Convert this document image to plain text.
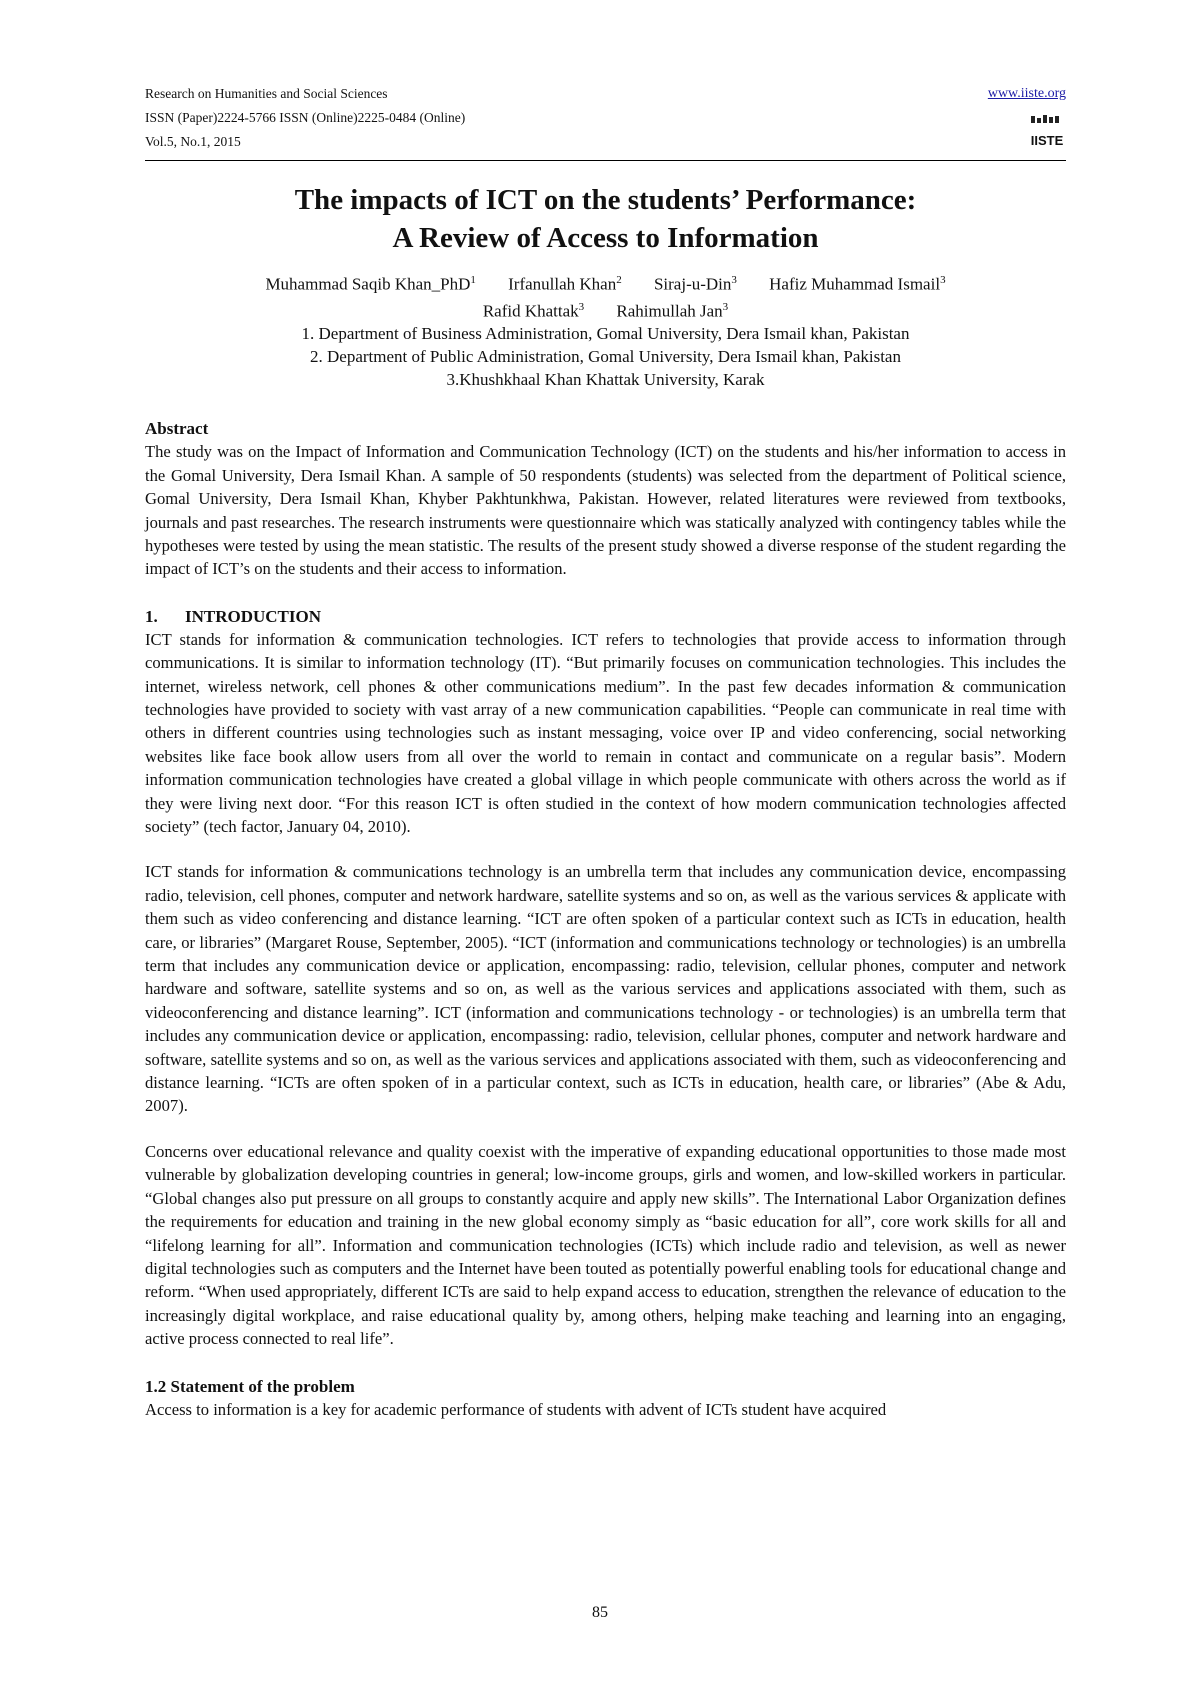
Research on Humanities and Social Sciences
ISSN (Paper)2224-5766 ISSN (Online)2225-0484 (Online)
Vol.5, No.1, 2015
www.iiste.org
IISTE
The impacts of ICT on the students’ Performance:
A Review of Access to Information
Muhammad Saqib Khan_PhD$^1$ Irfanullah Khan$^2$ Siraj-u-Din$^3$ Hafiz Muhammad Ismail$^3$
Rafid Khattak$^3$ Rahimullah Jan$^3$
1. Department of Business Administration, Gomal University, Dera Ismail khan, Pakistan
2. Department of Public Administration, Gomal University, Dera Ismail khan, Pakistan
3.Khushkhaal Khan Khattak University, Karak
Abstract

The study was on the Impact of Information and Communication Technology (ICT) on the students and his/her information to access in the Gomal University, Dera Ismail Khan. A sample of 50 respondents (students) was selected from the department of Political science, Gomal University, Dera Ismail Khan, Khyber Pakhtunkhwa, Pakistan. However, related literatures were reviewed from textbooks, journals and past researches. The research instruments were questionnaire which was statically analyzed with contingency tables while the hypotheses were tested by using the mean statistic. The results of the present study showed a diverse response of the student regarding the impact of ICT’s on the students and their access to information.

1. INTRODUCTION

ICT stands for information & communication technologies. ICT refers to technologies that provide access to information through communications. It is similar to information technology (IT). “But primarily focuses on communication technologies. This includes the internet, wireless network, cell phones & other communications medium”. In the past few decades information & communication technologies have provided to society with vast array of a new communication capabilities. “People can communicate in real time with others in different countries using technologies such as instant messaging, voice over IP and video conferencing, social networking websites like face book allow users from all over the world to remain in contact and communicate on a regular basis”. Modern information communication technologies have created a global village in which people communicate with others across the world as if they were living next door. “For this reason ICT is often studied in the context of how modern communication technologies affected society” (tech factor, January 04, 2010).

ICT stands for information & communications technology is an umbrella term that includes any communication device, encompassing radio, television, cell phones, computer and network hardware, satellite systems and so on, as well as the various services & applicate with them such as video conferencing and distance learning. “ICT are often spoken of a particular context such as ICTs in education, health care, or libraries” (Margaret Rouse, September, 2005). “ICT (information and communications technology or technologies) is an umbrella term that includes any communication device or application, encompassing: radio, television, cellular phones, computer and network hardware and software, satellite systems and so on, as well as the various services and applications associated with them, such as videoconferencing and distance learning”. ICT (information and communications technology - or technologies) is an umbrella term that includes any communication device or application, encompassing: radio, television, cellular phones, computer and network hardware and software, satellite systems and so on, as well as the various services and applications associated with them, such as videoconferencing and distance learning. “ICTs are often spoken of in a particular context, such as ICTs in education, health care, or libraries” (Abe & Adu, 2007).

Concerns over educational relevance and quality coexist with the imperative of expanding educational opportunities to those made most vulnerable by globalization developing countries in general; low-income groups, girls and women, and low-skilled workers in particular. “Global changes also put pressure on all groups to constantly acquire and apply new skills”. The International Labor Organization defines the requirements for education and training in the new global economy simply as “basic education for all”, core work skills for all and “lifelong learning for all”. Information and communication technologies (ICTs) which include radio and television, as well as newer digital technologies such as computers and the Internet have been touted as potentially powerful enabling tools for educational change and reform. “When used appropriately, different ICTs are said to help expand access to education, strengthen the relevance of education to the increasingly digital workplace, and raise educational quality by, among others, helping make teaching and learning into an engaging, active process connected to real life”.

1.2 Statement of the problem

Access to information is a key for academic performance of students with advent of ICTs student have acquired

85
